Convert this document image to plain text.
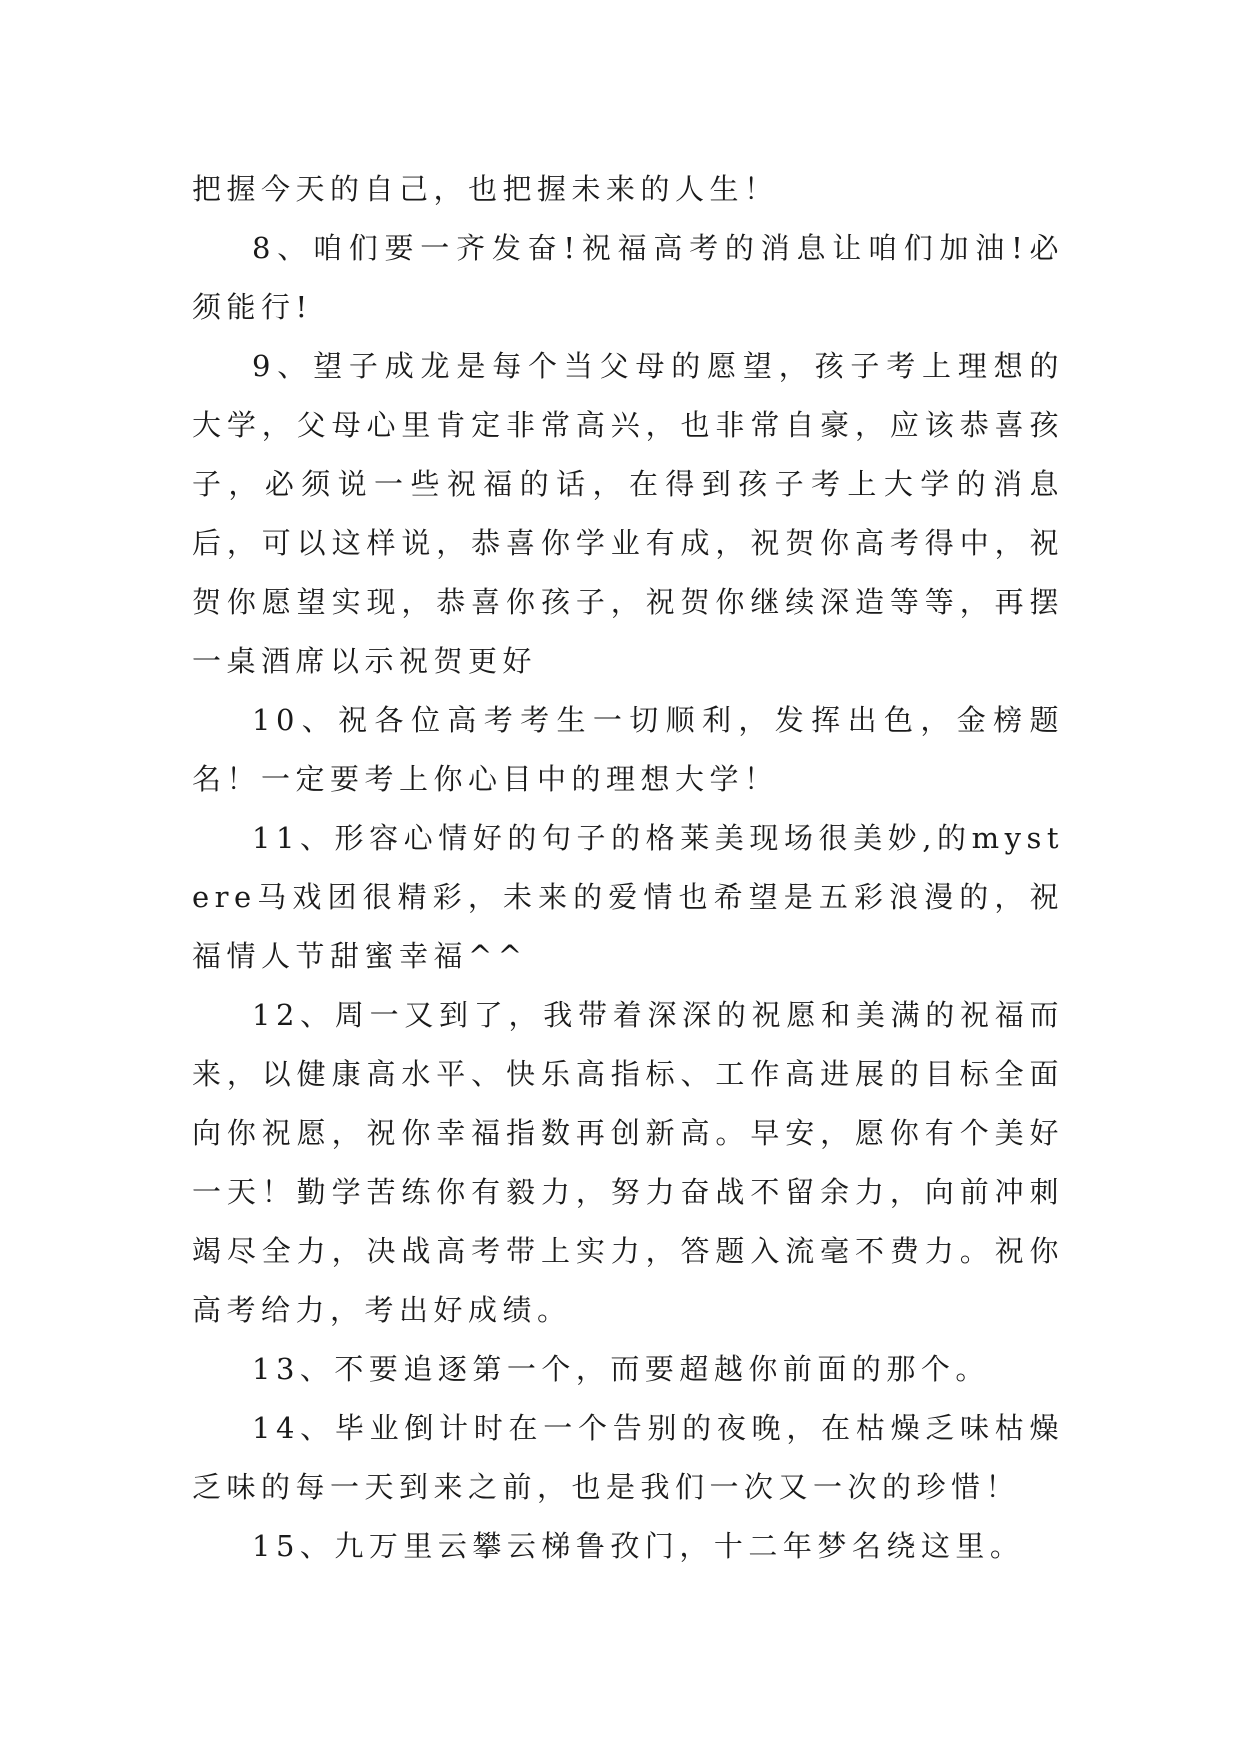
把握今天的自己，也把握未来的人生！

8、咱们要一齐发奋!祝福高考的消息让咱们加油!必须能行!

9、望子成龙是每个当父母的愿望，孩子考上理想的大学，父母心里肯定非常高兴，也非常自豪，应该恭喜孩子，必须说一些祝福的话，在得到孩子考上大学的消息后，可以这样说，恭喜你学业有成，祝贺你高考得中，祝贺你愿望实现，恭喜你孩子，祝贺你继续深造等等，再摆一桌酒席以示祝贺更好

10、祝各位高考考生一切顺利，发挥出色，金榜题名！一定要考上你心目中的理想大学！

11、形容心情好的句子的格莱美现场很美妙,的mystere马戏团很精彩，未来的爱情也希望是五彩浪漫的，祝福情人节甜蜜幸福^^

12、周一又到了，我带着深深的祝愿和美满的祝福而来，以健康高水平、快乐高指标、工作高进展的目标全面向你祝愿，祝你幸福指数再创新高。早安，愿你有个美好一天！勤学苦练你有毅力，努力奋战不留余力，向前冲刺竭尽全力，决战高考带上实力，答题入流毫不费力。祝你高考给力，考出好成绩。

13、不要追逐第一个，而要超越你前面的那个。

14、毕业倒计时在一个告别的夜晚，在枯燥乏味枯燥乏味的每一天到来之前，也是我们一次又一次的珍惜！

15、九万里云攀云梯鲁孜门，十二年梦名绕这里。
